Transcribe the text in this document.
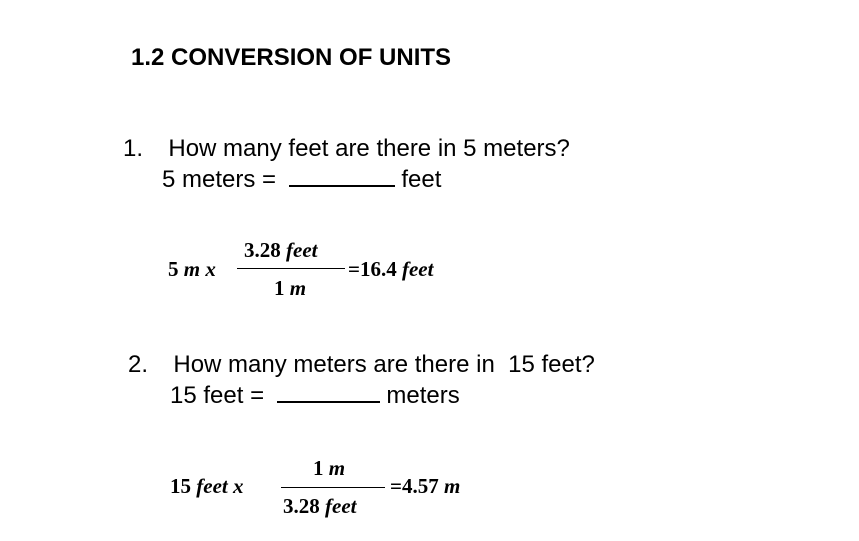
1.2 CONVERSION OF UNITS
1. How many feet are there in 5 meters?
5 meters =	feet
5 m x
3.28 feet
1 m
=16.4 feet
2. How many meters are there in  15 feet?
15 feet =	meters
15 feet x
1 m
3.28 feet
=4.57 m
